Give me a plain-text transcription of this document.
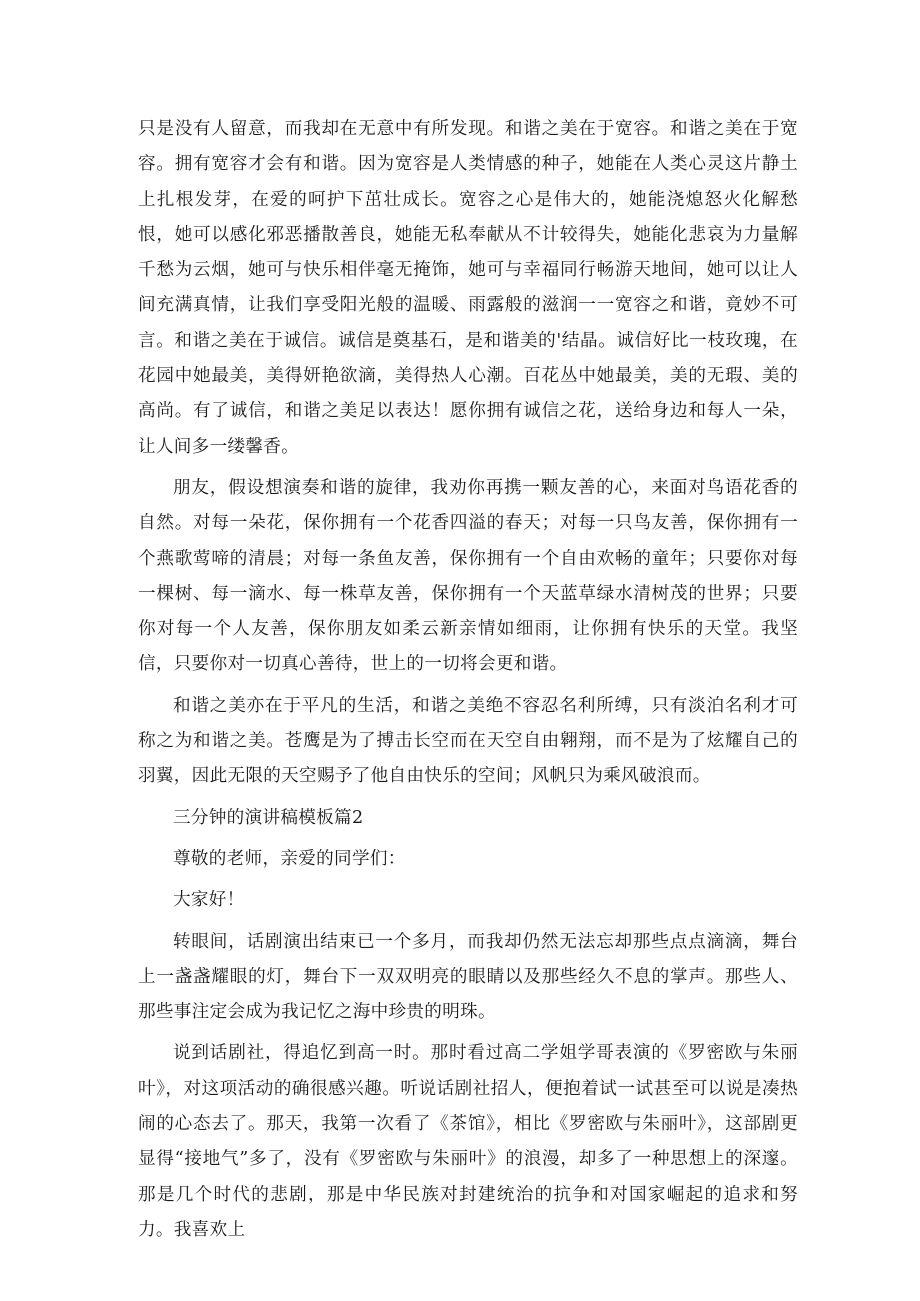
只是没有人留意，而我却在无意中有所发现。和谐之美在于宽容。和谐之美在于宽容。拥有宽容才会有和谐。因为宽容是人类情感的种子，她能在人类心灵这片静土上扎根发芽，在爱的呵护下茁壮成长。宽容之心是伟大的，她能浇熄怒火化解愁恨，她可以感化邪恶播散善良，她能无私奉献从不计较得失，她能化悲哀为力量解千愁为云烟，她可与快乐相伴毫无掩饰，她可与幸福同行畅游天地间，她可以让人间充满真情，让我们享受阳光般的温暖、雨露般的滋润一一宽容之和谐，竟妙不可言。和谐之美在于诚信。诚信是奠基石，是和谐美的'结晶。诚信好比一枝玫瑰，在花园中她最美，美得妍艳欲滴，美得热人心潮。百花丛中她最美，美的无瑕、美的高尚。有了诚信，和谐之美足以表达！愿你拥有诚信之花，送给身边和每人一朵，让人间多一缕馨香。

朋友，假设想演奏和谐的旋律，我劝你再携一颗友善的心，来面对鸟语花香的自然。对每一朵花，保你拥有一个花香四溢的春天；对每一只鸟友善，保你拥有一个燕歌莺啼的清晨；对每一条鱼友善，保你拥有一个自由欢畅的童年；只要你对每一棵树、每一滴水、每一株草友善，保你拥有一个天蓝草绿水清树茂的世界；只要你对每一个人友善，保你朋友如柔云新亲情如细雨，让你拥有快乐的天堂。我坚信，只要你对一切真心善待，世上的一切将会更和谐。

和谐之美亦在于平凡的生活，和谐之美绝不容忍名利所缚，只有淡泊名利才可称之为和谐之美。苍鹰是为了搏击长空而在天空自由翱翔，而不是为了炫耀自己的羽翼，因此无限的天空赐予了他自由快乐的空间；风帆只为乘风破浪而。

三分钟的演讲稿模板篇2

尊敬的老师，亲爱的同学们：

大家好！

转眼间，话剧演出结束已一个多月，而我却仍然无法忘却那些点点滴滴，舞台上一盏盏耀眼的灯，舞台下一双双明亮的眼睛以及那些经久不息的掌声。那些人、那些事注定会成为我记忆之海中珍贵的明珠。

说到话剧社，得追忆到高一时。那时看过高二学姐学哥表演的《罗密欧与朱丽叶》，对这项活动的确很感兴趣。听说话剧社招人，便抱着试一试甚至可以说是凑热闹的心态去了。那天，我第一次看了《茶馆》，相比《罗密欧与朱丽叶》，这部剧更显得“接地气”多了，没有《罗密欧与朱丽叶》的浪漫，却多了一种思想上的深邃。那是几个时代的悲剧，那是中华民族对封建统治的抗争和对国家崛起的追求和努力。我喜欢上
